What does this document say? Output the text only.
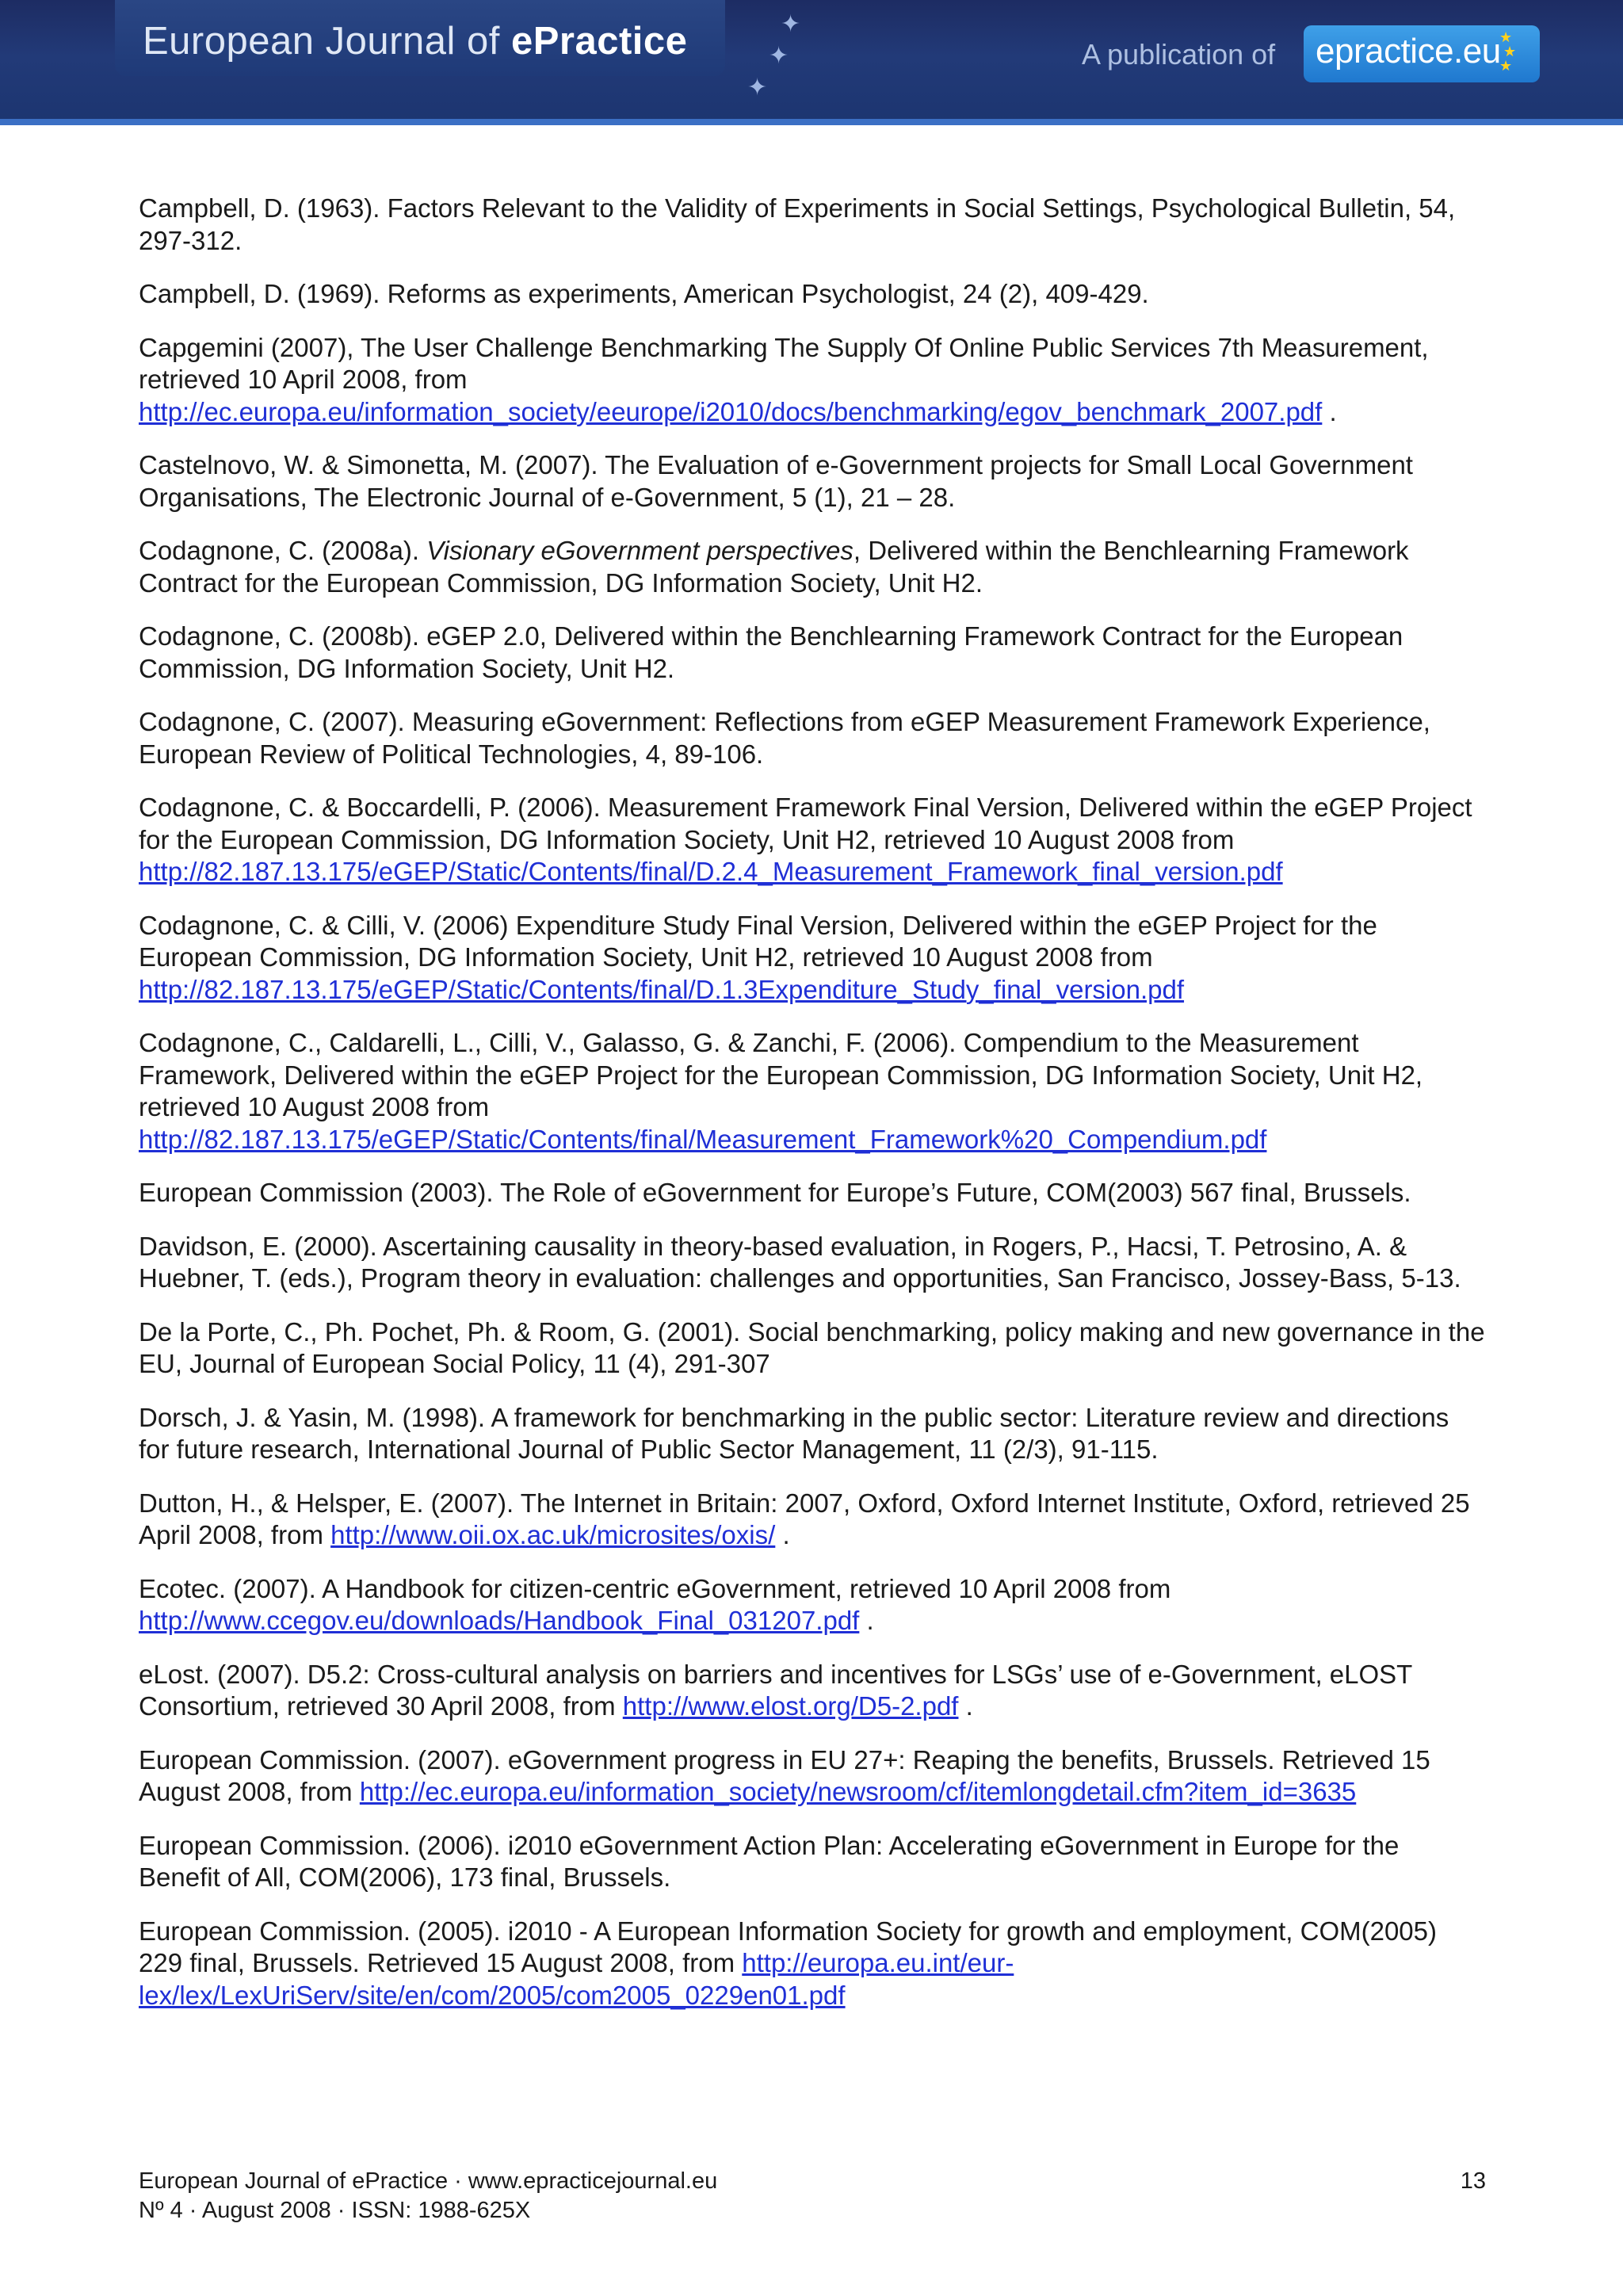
European Journal of ePractice	✦
✦
✦
A publication of epractice.eu
★
★
★
Campbell, D. (1963). Factors Relevant to the Validity of Experiments in Social Settings, Psychological Bulletin, 54, 297-312.
Campbell, D. (1969). Reforms as experiments, American Psychologist, 24 (2), 409-429.
Capgemini (2007), The User Challenge Benchmarking The Supply Of Online Public Services 7th Measurement, retrieved 10 April 2008, from http://ec.europa.eu/information_society/eeurope/i2010/docs/benchmarking/egov_benchmark_2007.pdf .
Castelnovo, W. & Simonetta, M. (2007). The Evaluation of e-Government projects for Small Local Government Organisations, The Electronic Journal of e-Government, 5 (1), 21 – 28.
Codagnone, C. (2008a). Visionary eGovernment perspectives, Delivered within the Benchlearning Framework Contract for the European Commission, DG Information Society, Unit H2.
Codagnone, C. (2008b). eGEP 2.0, Delivered within the Benchlearning Framework Contract for the European Commission, DG Information Society, Unit H2.
Codagnone, C. (2007). Measuring eGovernment: Reflections from eGEP Measurement Framework Experience, European Review of Political Technologies, 4, 89-106.
Codagnone, C. & Boccardelli, P. (2006). Measurement Framework Final Version, Delivered within the eGEP Project for the European Commission, DG Information Society, Unit H2, retrieved 10 August 2008 from http://82.187.13.175/eGEP/Static/Contents/final/D.2.4_Measurement_Framework_final_version.pdf
Codagnone, C. & Cilli, V. (2006) Expenditure Study Final Version, Delivered within the eGEP Project for the European Commission, DG Information Society, Unit H2, retrieved 10 August 2008 from http://82.187.13.175/eGEP/Static/Contents/final/D.1.3Expenditure_Study_final_version.pdf
Codagnone, C., Caldarelli, L., Cilli, V., Galasso, G. & Zanchi, F. (2006). Compendium to the Measurement Framework, Delivered within the eGEP Project for the European Commission, DG Information Society, Unit H2, retrieved 10 August 2008 from http://82.187.13.175/eGEP/Static/Contents/final/Measurement_Framework%20_Compendium.pdf
European Commission (2003). The Role of eGovernment for Europe’s Future, COM(2003) 567 final, Brussels.
Davidson, E. (2000). Ascertaining causality in theory-based evaluation, in Rogers, P., Hacsi, T. Petrosino, A. & Huebner, T. (eds.), Program theory in evaluation: challenges and opportunities, San Francisco, Jossey-Bass, 5-13.
De la Porte, C., Ph. Pochet, Ph. & Room, G. (2001). Social benchmarking, policy making and new governance in the EU, Journal of European Social Policy, 11 (4), 291-307
Dorsch, J. & Yasin, M. (1998). A framework for benchmarking in the public sector: Literature review and directions for future research, International Journal of Public Sector Management, 11 (2/3), 91-115.
Dutton, H., & Helsper, E. (2007). The Internet in Britain: 2007, Oxford, Oxford Internet Institute, Oxford, retrieved 25 April 2008, from http://www.oii.ox.ac.uk/microsites/oxis/ .
Ecotec. (2007). A Handbook for citizen-centric eGovernment, retrieved 10 April 2008 from http://www.ccegov.eu/downloads/Handbook_Final_031207.pdf .
eLost. (2007). D5.2: Cross-cultural analysis on barriers and incentives for LSGs’ use of e-Government, eLOST Consortium, retrieved 30 April 2008, from http://www.elost.org/D5-2.pdf .
European Commission. (2007). eGovernment progress in EU 27+: Reaping the benefits, Brussels. Retrieved 15 August 2008, from http://ec.europa.eu/information_society/newsroom/cf/itemlongdetail.cfm?item_id=3635
European Commission. (2006). i2010 eGovernment Action Plan: Accelerating eGovernment in Europe for the Benefit of All, COM(2006), 173 final, Brussels.
European Commission. (2005). i2010 - A European Information Society for growth and employment, COM(2005) 229 final, Brussels. Retrieved 15 August 2008, from http://europa.eu.int/eur-lex/lex/LexUriServ/site/en/com/2005/com2005_0229en01.pdf
European Journal of ePractice · www.epracticejournal.eu
Nº 4 · August 2008 · ISSN: 1988-625X
13
